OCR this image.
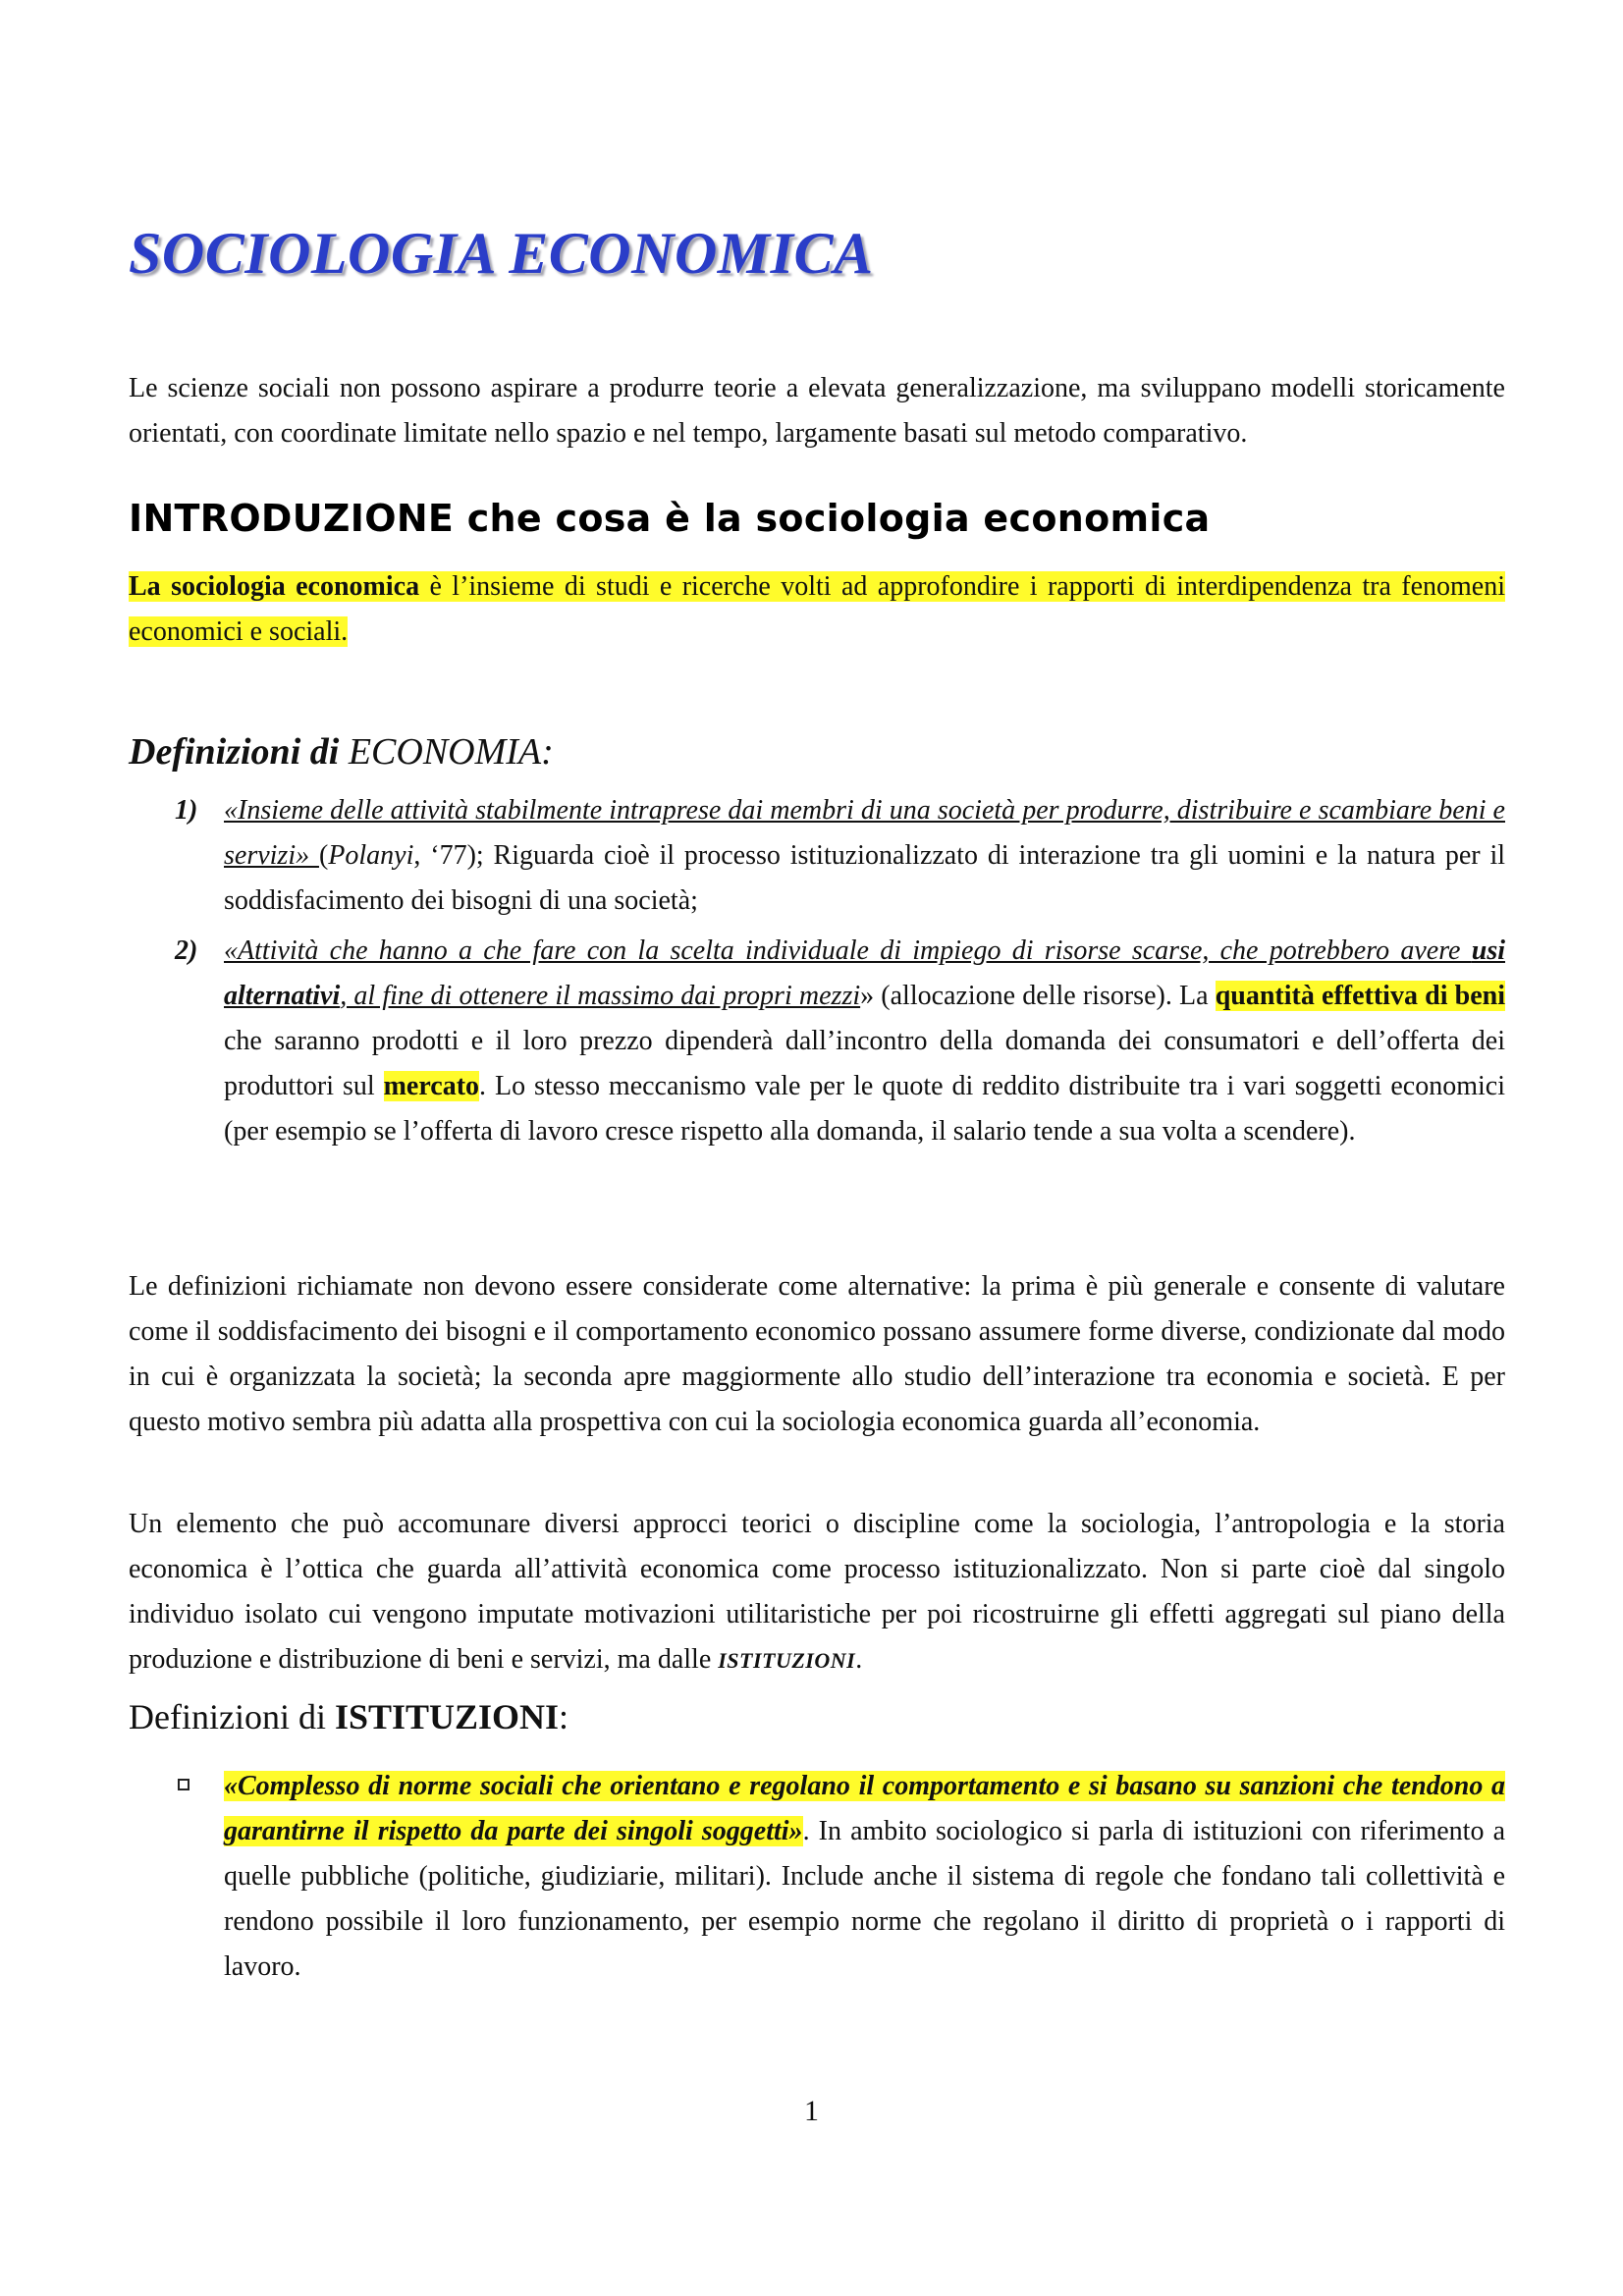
SOCIOLOGIA ECONOMICA

Le scienze sociali non possono aspirare a produrre teorie a elevata generalizzazione, ma sviluppano modelli storicamente orientati, con coordinate limitate nello spazio e nel tempo, largamente basati sul metodo comparativo.

INTRODUZIONE che cosa è la sociologia economica

La sociologia economica è l’insieme di studi e ricerche volti ad approfondire i rapporti di interdipendenza tra fenomeni economici e sociali.

Definizioni di ECONOMIA:
1) «Insieme delle attività stabilmente intraprese dai membri di una società per produrre, distribuire e scambiare beni e servizi» (Polanyi, ‘77); Riguarda cioè il processo istituzionalizzato di interazione tra gli uomini e la natura per il soddisfacimento dei bisogni di una società;

2) «Attività che hanno a che fare con la scelta individuale di impiego di risorse scarse, che potrebbero avere usi alternativi, al fine di ottenere il massimo dai propri mezzi» (allocazione delle risorse). La quantità effettiva di beni che saranno prodotti e il loro prezzo dipenderà dall’incontro della domanda dei consumatori e dell’offerta dei produttori sul mercato. Lo stesso meccanismo vale per le quote di reddito distribuite tra i vari soggetti economici (per esempio se l’offerta di lavoro cresce rispetto alla domanda, il salario tende a sua volta a scendere).

Le definizioni richiamate non devono essere considerate come alternative: la prima è più generale e consente di valutare come il soddisfacimento dei bisogni e il comportamento economico possano assumere forme diverse, condizionate dal modo in cui è organizzata la società; la seconda apre maggiormente allo studio dell’interazione tra economia e società. E per questo motivo sembra più adatta alla prospettiva con cui la sociologia economica guarda all’economia.

Un elemento che può accomunare diversi approcci teorici o discipline come la sociologia, l’antropologia e la storia economica è l’ottica che guarda all’attività economica come processo istituzionalizzato. Non si parte cioè dal singolo individuo isolato cui vengono imputate motivazioni utilitaristiche per poi ricostruirne gli effetti aggregati sul piano della produzione e distribuzione di beni e servizi, ma dalle ISTITUZIONI.

Definizioni di ISTITUZIONI:

«Complesso di norme sociali che orientano e regolano il comportamento e si basano su sanzioni che tendono a garantirne il rispetto da parte dei singoli soggetti». In ambito sociologico si parla di istituzioni con riferimento a quelle pubbliche (politiche, giudiziarie, militari). Include anche il sistema di regole che fondano tali collettività e rendono possibile il loro funzionamento, per esempio norme che regolano il diritto di proprietà o i rapporti di lavoro.

1
